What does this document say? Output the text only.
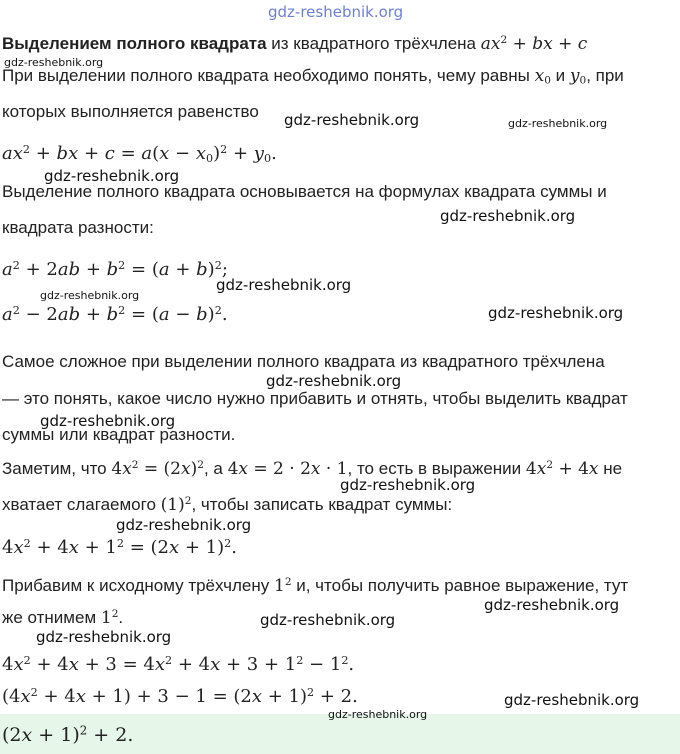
gdz-reshebnik.org
Выделением полного квадрата из квадратного трёхчлена $ax^2$ + bx + c
gdz-reshebnik.org
При выделении полного квадрата необходимо понять, чему равны $x_0$ и $y_0$, при
которых выполняется равенство gdz-reshebnik.org	gdz-reshebnik.org
$ax^2$ + bx + $c = a(x - x_0)^2 + y_0$.
gdz-reshebnik.org
Выделение полного квадрата основывается на формулах квадрата суммы и
gdz-reshebnik.org
квадрата разности:
$a^2 + 2ab + b^2 = (a + b)^2$;
gdz-reshebnik.org
gdz-reshebnik.org
$a^2 - 2ab + b^2 = (a - b)^2$.	gdz-reshebnik.org
Самое сложное при выделении полного квадрата из квадратного трёхчлена
gdz-reshebnik.org
— это понять, какое число нужно прибавить и отнять, чтобы выделить квадрат
gdz-reshebnik.org
суммы или квадрат разности.
Заметим, что $4x^2 = (2x)^2$, а 4x = 2 · 2x · 1, то есть в выражении $4x^2 + 4x$ не
gdz-reshebnik.org
хватает слагаемого $(1)^2$, чтобы записать квадрат суммы:
gdz-reshebnik.org
$4x^2 + 4x + 1^2 = (2x + 1)^2$.
Прибавим к исходному трёхчлену $1^2$ и, чтобы получить равное выражение, тут
gdz-reshebnik.org
же отнимем $1^2$.	gdz-reshebnik.org
gdz-reshebnik.org
$4x^2 + 4x + 3 = 4x^2 + 4x + 3 + 1^2 - 1^2$.
$(4x^2 + 4x + 1) + 3 - 1 = (2x + 1)^2 + 2$.	gdz-reshebnik.org
gdz-reshebnik.org
$(2x + 1)^2 + 2$.
